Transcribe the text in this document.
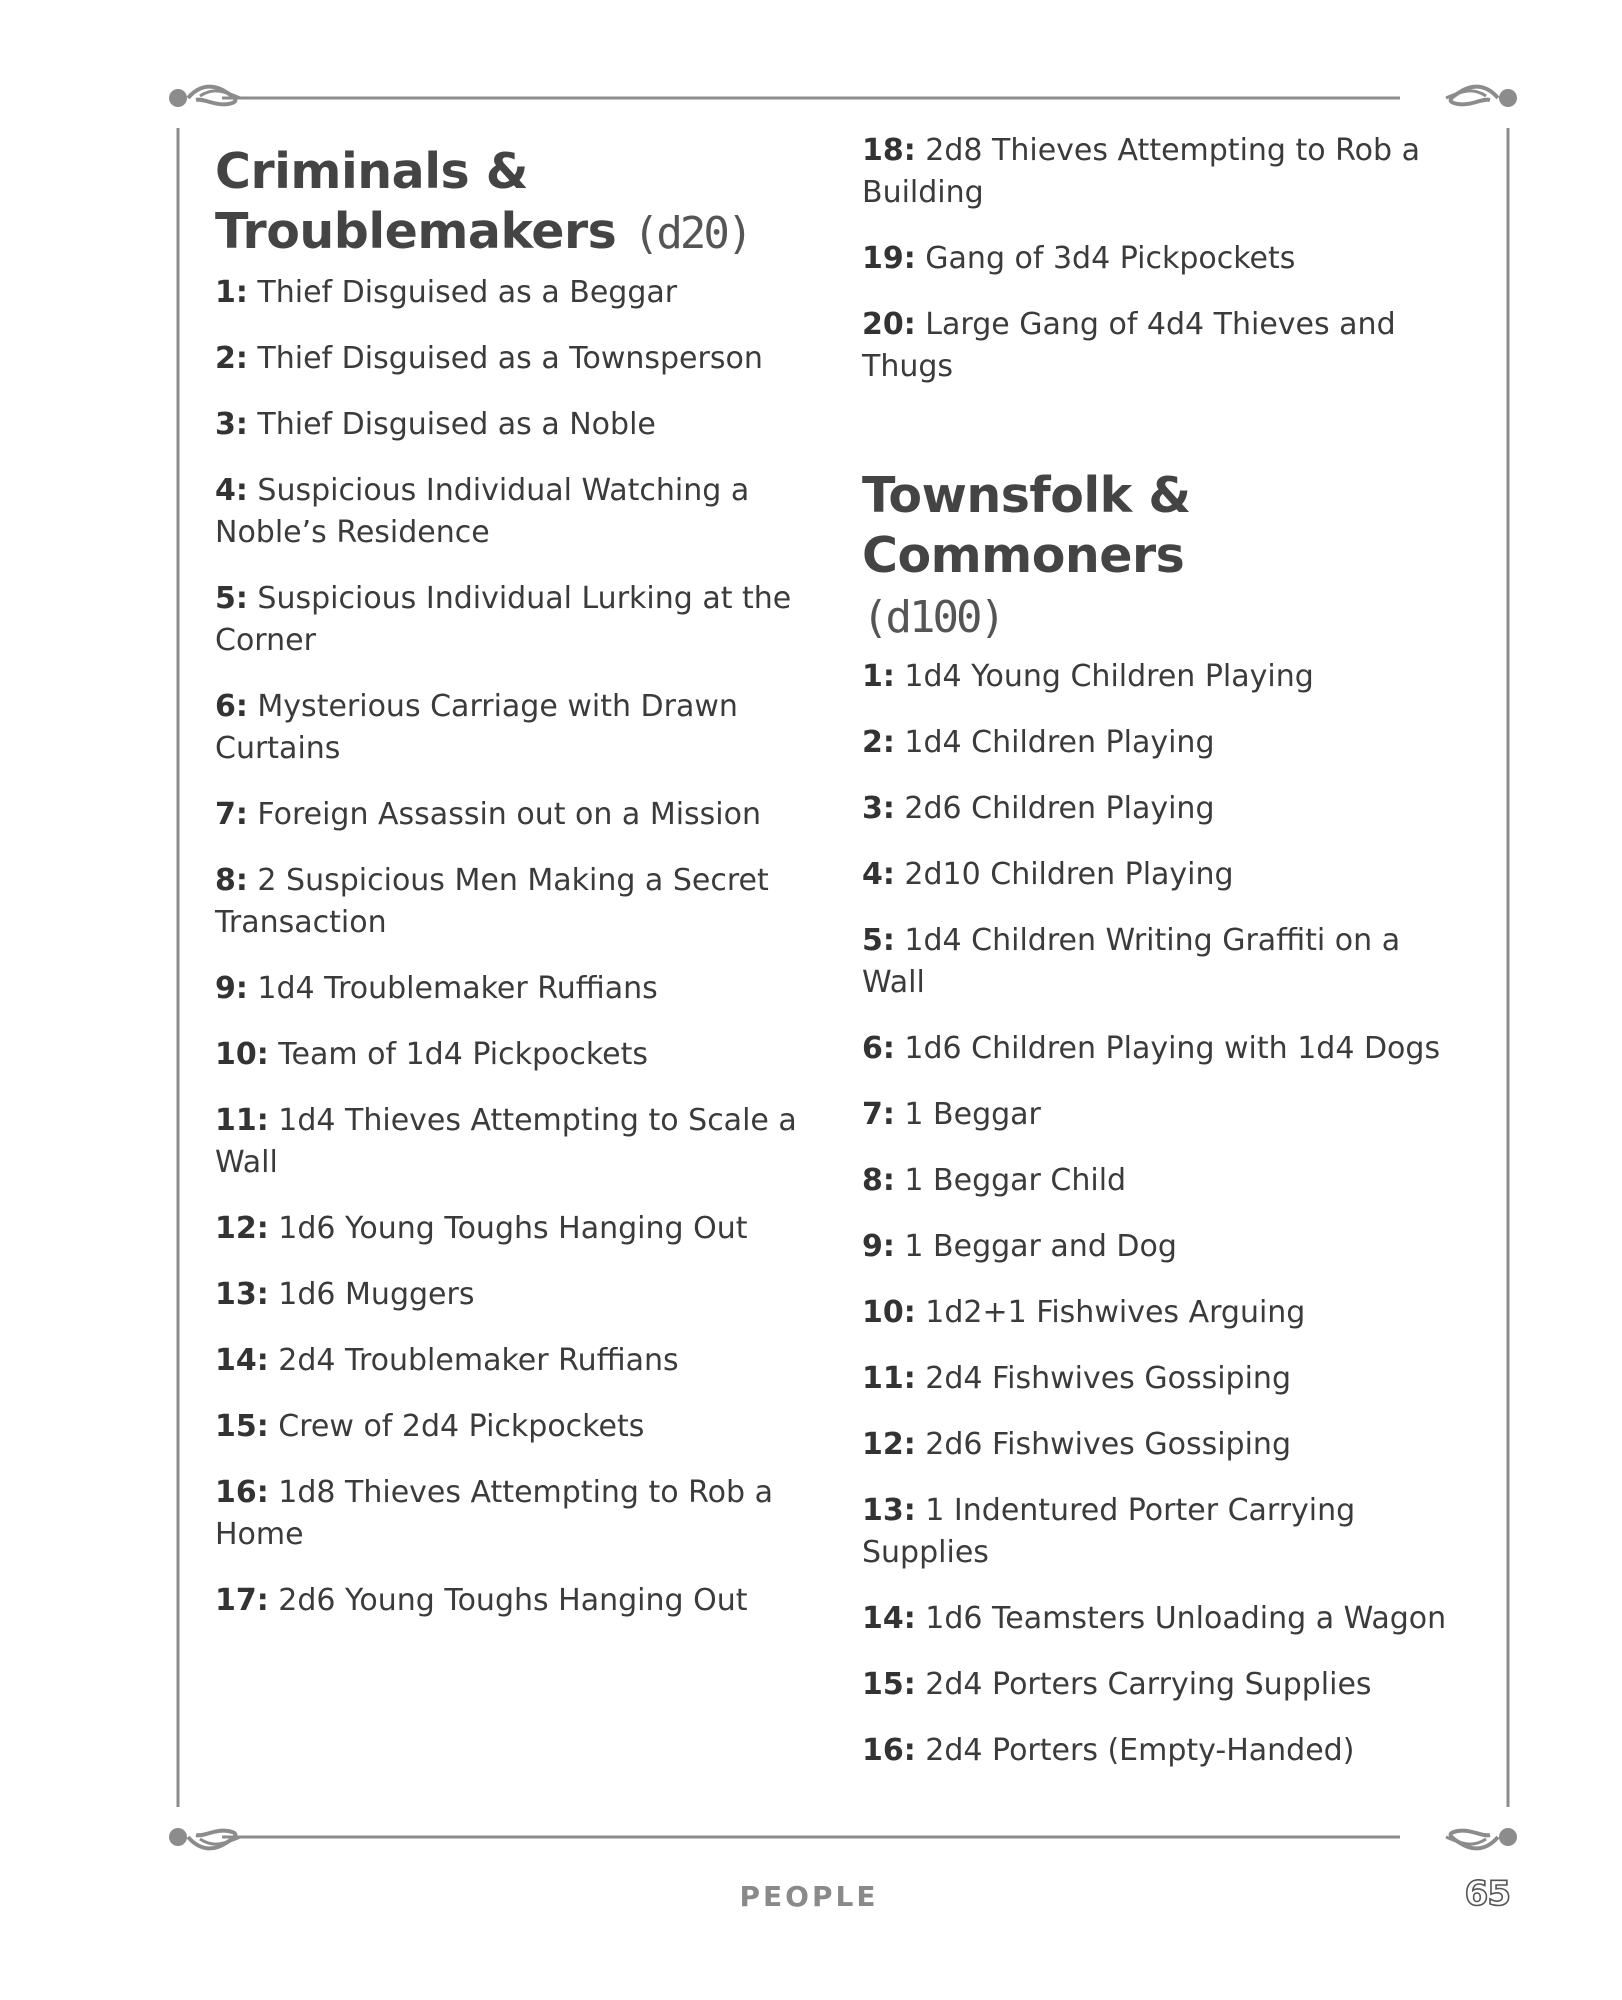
Criminals & Troublemakers (d20)

1: Thief Disguised as a Beggar

2: Thief Disguised as a Townsperson

3: Thief Disguised as a Noble

4: Suspicious Individual Watching a Noble’s Residence

5: Suspicious Individual Lurking at the Corner

6: Mysterious Carriage with Drawn Curtains

7: Foreign Assassin out on a Mission

8: 2 Suspicious Men Making a Secret Transaction

9: 1d4 Troublemaker Ruffians

10: Team of 1d4 Pickpockets

11: 1d4 Thieves Attempting to Scale a Wall

12: 1d6 Young Toughs Hanging Out

13: 1d6 Muggers

14: 2d4 Troublemaker Ruffians

15: Crew of 2d4 Pickpockets

16: 1d8 Thieves Attempting to Rob a Home

17: 2d6 Young Toughs Hanging Out

18: 2d8 Thieves Attempting to Rob a Building

19: Gang of 3d4 Pickpockets

20: Large Gang of 4d4 Thieves and Thugs

Townsfolk & Commoners
(d100)

1: 1d4 Young Children Playing

2: 1d4 Children Playing

3: 2d6 Children Playing

4: 2d10 Children Playing

5: 1d4 Children Writing Graffiti on a Wall

6: 1d6 Children Playing with 1d4 Dogs

7: 1 Beggar

8: 1 Beggar Child

9: 1 Beggar and Dog

10: 1d2+1 Fishwives Arguing

11: 2d4 Fishwives Gossiping

12: 2d6 Fishwives Gossiping

13: 1 Indentured Porter Carrying Supplies

14: 1d6 Teamsters Unloading a Wagon

15: 2d4 Porters Carrying Supplies

16: 2d4 Porters (Empty-Handed)

PEOPLE	65
